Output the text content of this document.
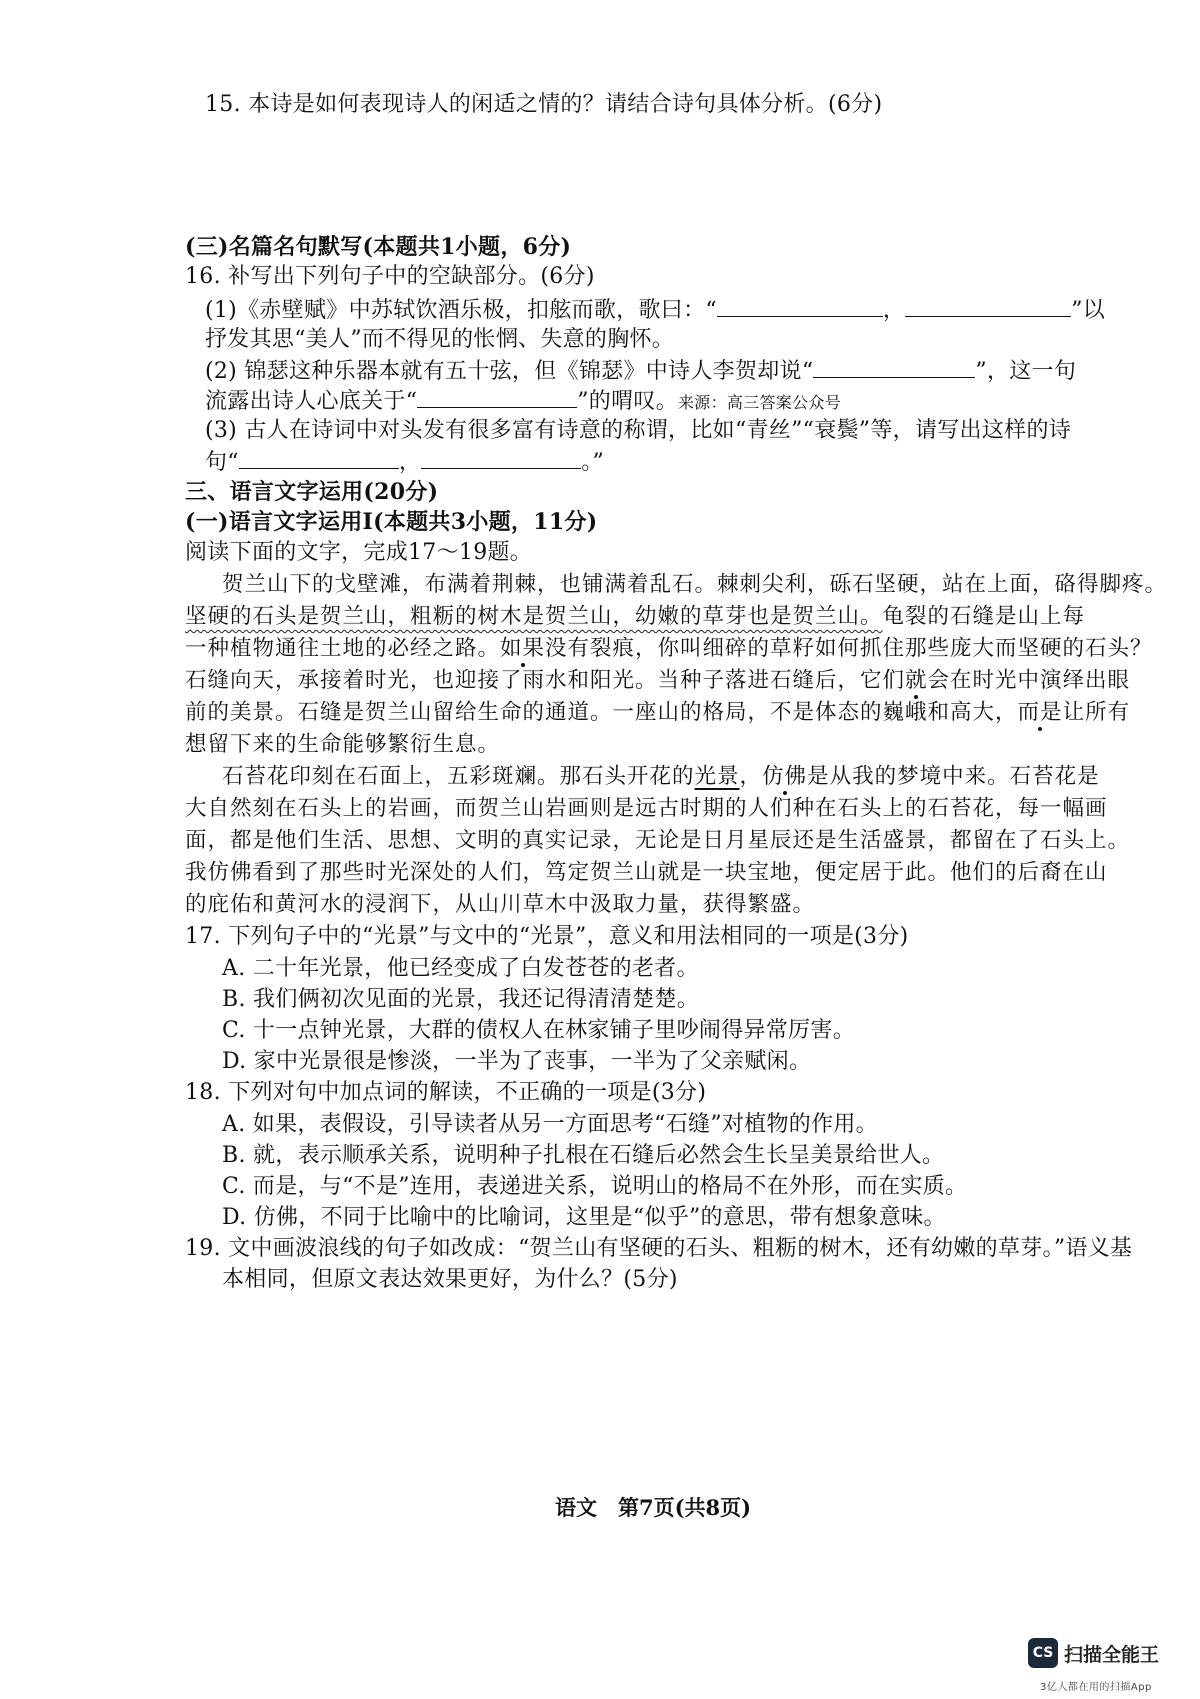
15. 本诗是如何表现诗人的闲适之情的？请结合诗句具体分析。(6分)
(三)名篇名句默写(本题共1小题，6分)
16. 补写出下列句子中的空缺部分。(6分)
(1)《赤壁赋》中苏轼饮酒乐极，扣舷而歌，歌曰：“	，	”以
抒发其思“美人”而不得见的怅惘、失意的胸怀。
(2) 锦瑟这种乐器本就有五十弦，但《锦瑟》中诗人李贺却说“	”，这一句
流露出诗人心底关于“	”的喟叹。来源：高三答案公众号
(3) 古人在诗词中对头发有很多富有诗意的称谓，比如“青丝”“衰鬓”等，请写出这样的诗
句“	，	。”
三、语言文字运用(20分)
(一)语言文字运用Ⅰ(本题共3小题，11分)
阅读下面的文字，完成17～19题。
贺兰山下的戈壁滩，布满着荆棘，也铺满着乱石。棘刺尖利，砾石坚硬，站在上面，硌得脚疼。
坚硬的石头是贺兰山，粗粝的树木是贺兰山，幼嫩的草芽也是贺兰山。龟裂的石缝是山上每
一种植物通往土地的必经之路。如果没有裂痕，你叫细碎的草籽如何抓住那些庞大而坚硬的石头？
石缝向天，承接着时光，也迎接了雨水和阳光。当种子落进石缝后，它们就会在时光中演绎出眼
前的美景。石缝是贺兰山留给生命的通道。一座山的格局，不是体态的巍峨和高大，而是让所有
想留下来的生命能够繁衍生息。
石苔花印刻在石面上，五彩斑斓。那石头开花的光景，仿佛是从我的梦境中来。石苔花是
大自然刻在石头上的岩画，而贺兰山岩画则是远古时期的人们种在石头上的石苔花，每一幅画
面，都是他们生活、思想、文明的真实记录，无论是日月星辰还是生活盛景，都留在了石头上。
我仿佛看到了那些时光深处的人们，笃定贺兰山就是一块宝地，便定居于此。他们的后裔在山
的庇佑和黄河水的浸润下，从山川草木中汲取力量，获得繁盛。
17. 下列句子中的“光景”与文中的“光景”，意义和用法相同的一项是(3分)
A. 二十年光景，他已经变成了白发苍苍的老者。
B. 我们俩初次见面的光景，我还记得清清楚楚。
C. 十一点钟光景，大群的债权人在林家铺子里吵闹得异常厉害。
D. 家中光景很是惨淡，一半为了丧事，一半为了父亲赋闲。
18. 下列对句中加点词的解读，不正确的一项是(3分)
A. 如果，表假设，引导读者从另一方面思考“石缝”对植物的作用。
B. 就，表示顺承关系，说明种子扎根在石缝后必然会生长呈美景给世人。
C. 而是，与“不是”连用，表递进关系，说明山的格局不在外形，而在实质。
D. 仿佛，不同于比喻中的比喻词，这里是“似乎”的意思，带有想象意味。
19. 文中画波浪线的句子如改成：“贺兰山有坚硬的石头、粗粝的树木，还有幼嫩的草芽。”语义基
本相同，但原文表达效果更好，为什么？(5分)
语文　第7页(共8页)
CS 扫描全能王
3亿人都在用的扫描App
